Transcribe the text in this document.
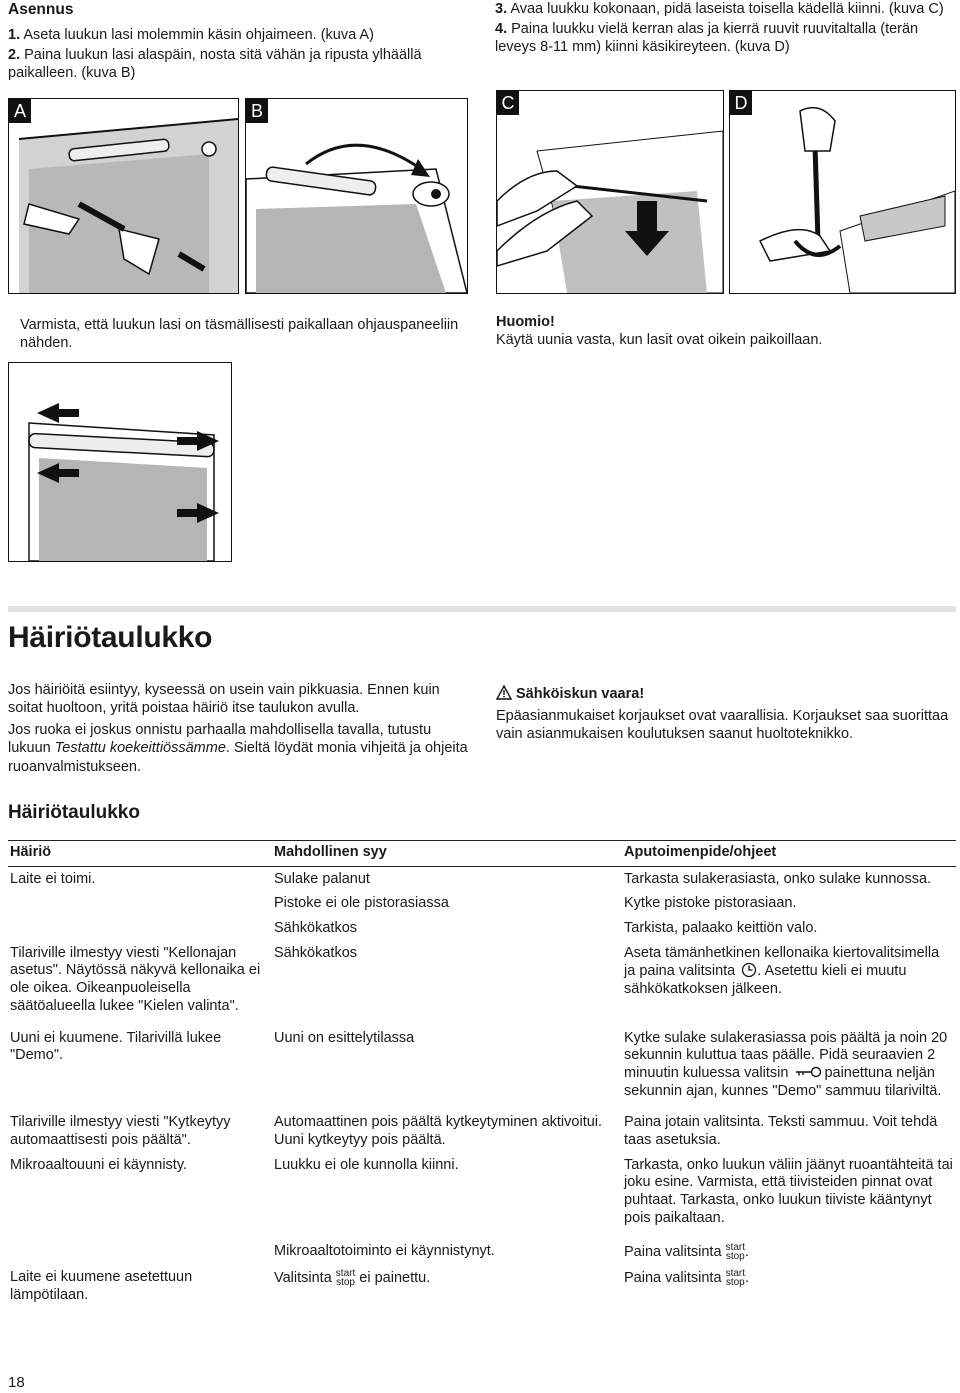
Asennus
1. Aseta luukun lasi molemmin käsin ohjaimeen. (kuva A)
2. Paina luukun lasi alaspäin, nosta sitä vähän ja ripusta ylhäällä paikalleen. (kuva B)
3. Avaa luukku kokonaan, pidä laseista toisella kädellä kiinni. (kuva C)
4. Paina luukku vielä kerran alas ja kierrä ruuvit ruuvitaltalla (terän leveys 8-11 mm) kiinni käsikireyteen. (kuva D)
A	B	C	D
Varmista, että luukun lasi on täsmällisesti paikallaan ohjauspaneeliin nähden.
Huomio!
Käytä uunia vasta, kun lasit ovat oikein paikoillaan.
Häiriötaulukko

Jos häiriöitä esiintyy, kyseessä on usein vain pikkuasia. Ennen kuin soitat huoltoon, yritä poistaa häiriö itse taulukon avulla.

Jos ruoka ei joskus onnistu parhaalla mahdollisella tavalla, tutustu lukuun Testattu koekeittiössämme. Sieltä löydät monia vihjeitä ja ohjeita ruoanvalmistukseen.

Sähköiskun vaara!
Epäasianmukaiset korjaukset ovat vaarallisia. Korjaukset saa suorittaa vain asianmukaisen koulutuksen saanut huoltoteknikko.
Häiriötaulukko
Häiriö	Mahdollinen syy	Aputoimenpide/ohjeet
Laite ei toimi.	Sulake palanut	Tarkasta sulakerasiasta, onko sulake kunnossa.
	Pistoke ei ole pistorasiassa	Kytke pistoke pistorasiaan.
	Sähkökatkos	Tarkista, palaako keittiön valo.
Tilariville ilmestyy viesti "Kellonajan asetus". Näytössä näkyvä kellonaika ei ole oikea. Oikeanpuoleisella säätöalueella lukee "Kielen valinta".	Sähkökatkos	Aseta tämänhetkinen kellonaika kiertovalitsimella ja paina valitsinta . Asetettu kieli ei muutu sähkökatkoksen jälkeen.
Uuni ei kuumene. Tilarivillä lukee "Demo".	Uuni on esittelytilassa	Kytke sulake sulakerasiassa pois päältä ja noin 20 sekunnin kuluttua taas päälle. Pidä seuraavien 2 minuutin kuluessa valitsin painettuna neljän sekunnin ajan, kunnes "Demo" sammuu tilariviltä.
Tilariville ilmestyy viesti "Kytkeytyy automaattisesti pois päältä".	Automaattinen pois päältä kytkeytyminen aktivoitui. Uuni kytkeytyy pois päältä.	Paina jotain valitsinta. Teksti sammuu. Voit tehdä taas asetuksia.
Mikroaaltouuni ei käynnisty.	Luukku ei ole kunnolla kiinni.	Tarkasta, onko luukun väliin jäänyt ruoantähteitä tai joku esine. Varmista, että tiivisteiden pinnat ovat puhtaat. Tarkasta, onko luukun tiiviste kääntynyt pois paikaltaan.
	Mikroaaltotoiminto ei käynnistynyt.	Paina valitsinta start
stop.
Laite ei kuumene asetettuun lämpötilaan.	Valitsinta start
stop ei painettu.	Paina valitsinta start
stop.
18
